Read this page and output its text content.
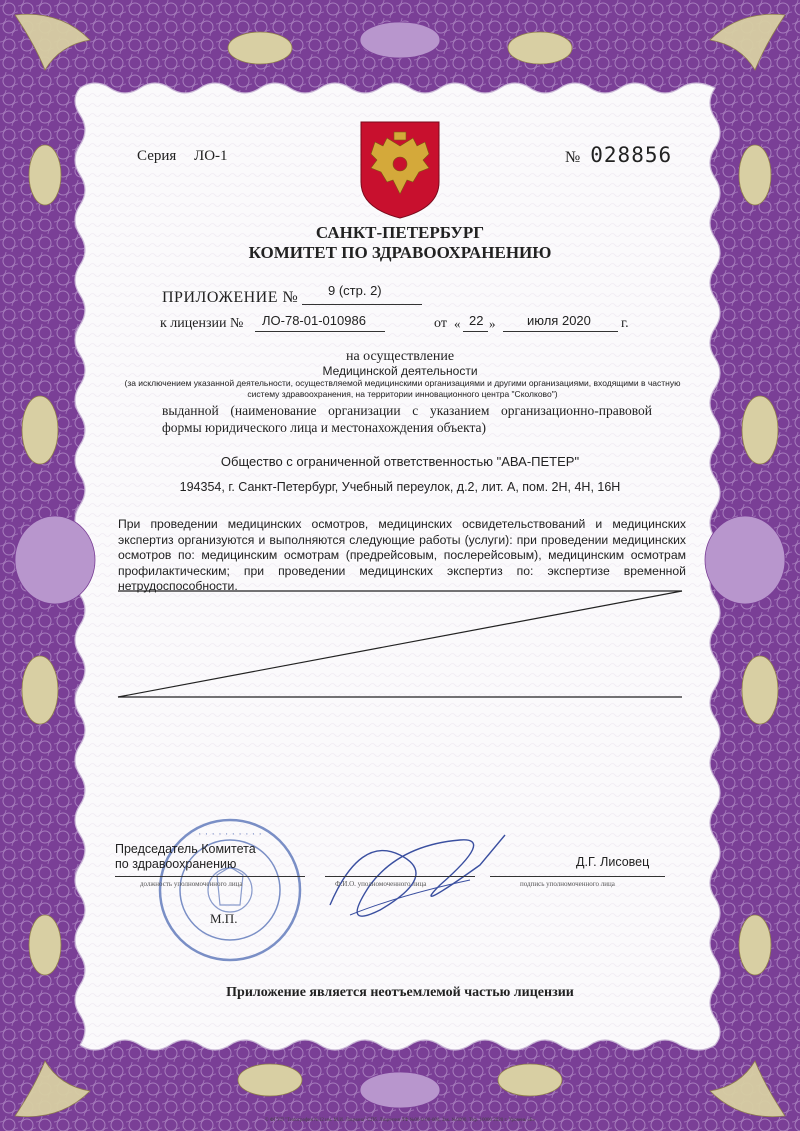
Серия ЛО-1	№ 028856
САНКТ-ПЕТЕРБУРГ
КОМИТЕТ ПО ЗДРАВООХРАНЕНИЮ
ПРИЛОЖЕНИЕ № 9 (стр. 2)
к лицензии № ЛО-78-01-010986	от « 22 » июля 2020 г.
на осуществление
Медицинской деятельности
(за исключением указанной деятельности, осуществляемой медицинскими организациями и другими организациями, входящими в частную систему здравоохранения, на территории инновационного центра "Сколково")
выданной (наименование организации с указанием организационно-правовой формы юридического лица и местонахождения объекта)
Общество с ограниченной ответственностью "АВА-ПЕТЕР"
194354, г. Санкт-Петербург, Учебный переулок, д.2, лит. А, пом. 2Н, 4Н, 16Н
При проведении медицинских осмотров, медицинских освидетельствований и медицинских экспертиз организуются и выполняются следующие работы (услуги): при проведении медицинских осмотров по: медицинским осмотрам (предрейсовым, послерейсовым), медицинским осмотрам профилактическим; при проведении медицинских экспертиз по: экспертизе временной нетрудоспособности.
· · · · · · · · · ·
Председатель Комитета
по здравоохранению	Д.Г. Лисовец
должность уполномоченного лица	Ф.И.О. уполномоченного лица	подпись уполномоченного лица
М.П.
Приложение является неотъемлемой частью лицензии
© ФГУП "Типография №12 им. М.И. Лоцмана" СПб. Лицензия ЛФ №00-0-00-000, Зак. №0000, Тир. 10000 2020 г. Уровень «Б»
